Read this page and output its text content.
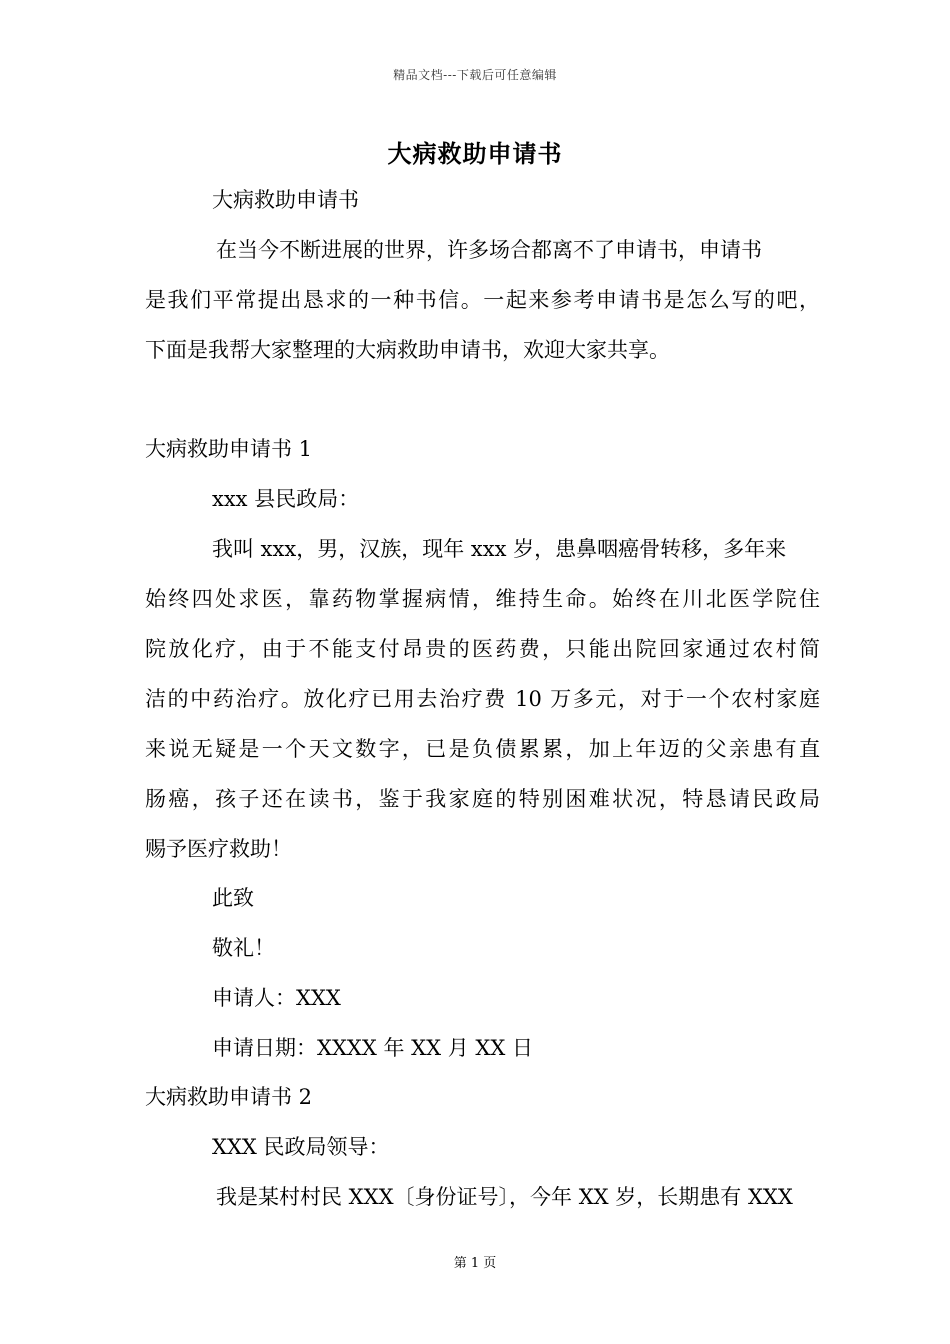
精品文档---下载后可任意编辑
大病救助申请书
大病救助申请书
在当今不断进展的世界，许多场合都离不了申请书，申请书
是我们平常提出恳求的一种书信。一起来参考申请书是怎么写的吧，
下面是我帮大家整理的大病救助申请书，欢迎大家共享。
大病救助申请书 1
xxx 县民政局：
我叫 xxx，男，汉族，现年 xxx 岁，患鼻咽癌骨转移，多年来
始终四处求医，靠药物掌握病情，维持生命。始终在川北医学院住
院放化疗，由于不能支付昂贵的医药费，只能出院回家通过农村简
洁的中药治疗。放化疗已用去治疗费 10 万多元，对于一个农村家庭
来说无疑是一个天文数字，已是负债累累，加上年迈的父亲患有直
肠癌，孩子还在读书，鉴于我家庭的特别困难状况，特恳请民政局
赐予医疗救助！
此致
敬礼！
申请人：XXX
申请日期：XXXX 年 XX 月 XX 日
大病救助申请书 2
XXX 民政局领导：
我是某村村民 XXX〔身份证号〕，今年 XX 岁，长期患有 XXX
第 1 页
